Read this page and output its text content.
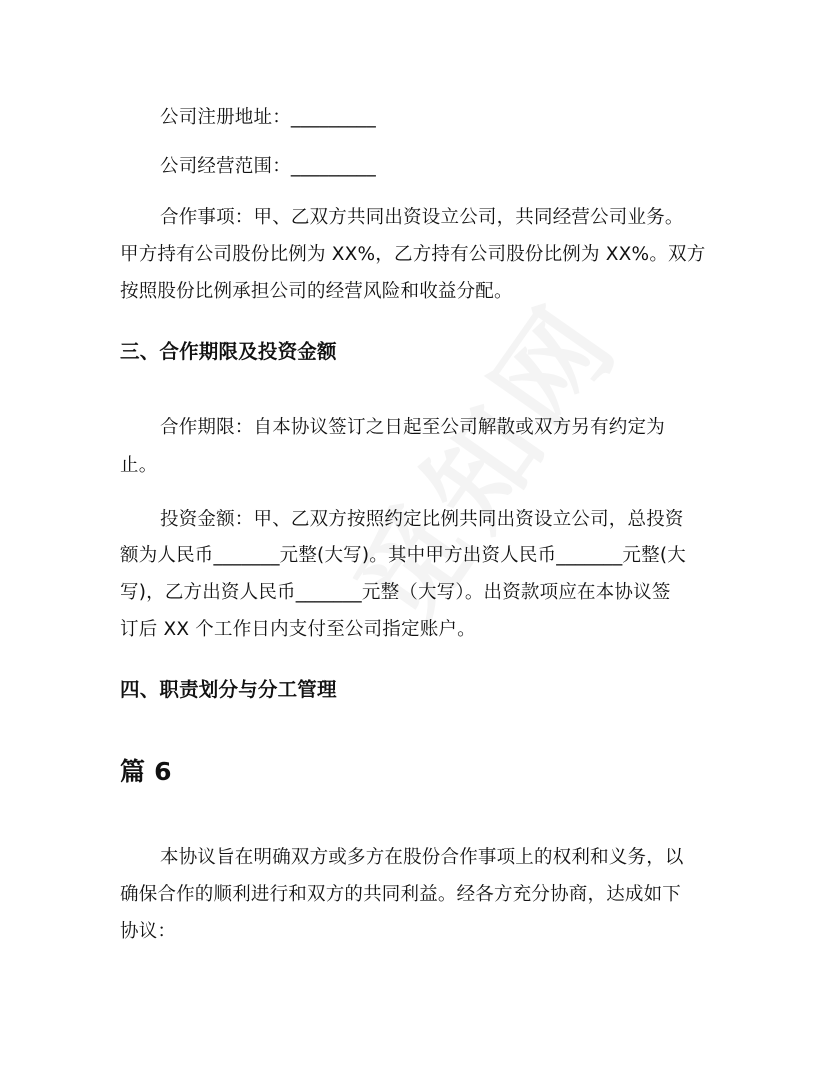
公司注册地址：_________
公司经营范围：_________
合作事项：甲、乙双方共同出资设立公司，共同经营公司业务。
甲方持有公司股份比例为 XX%，乙方持有公司股份比例为 XX%。双方
按照股份比例承担公司的经营风险和收益分配。
三、合作期限及投资金额
合作期限：自本协议签订之日起至公司解散或双方另有约定为
止。
投资金额：甲、乙双方按照约定比例共同出资设立公司，总投资
额为人民币_______元整(大写)。其中甲方出资人民币_______元整(大
写)，乙方出资人民币_______元整（大写）。出资款项应在本协议签
订后 XX 个工作日内支付至公司指定账户。
四、职责划分与分工管理
篇 6
本协议旨在明确双方或多方在股份合作事项上的权利和义务，以
确保合作的顺利进行和双方的共同利益。经各方充分协商，达成如下
协议：
